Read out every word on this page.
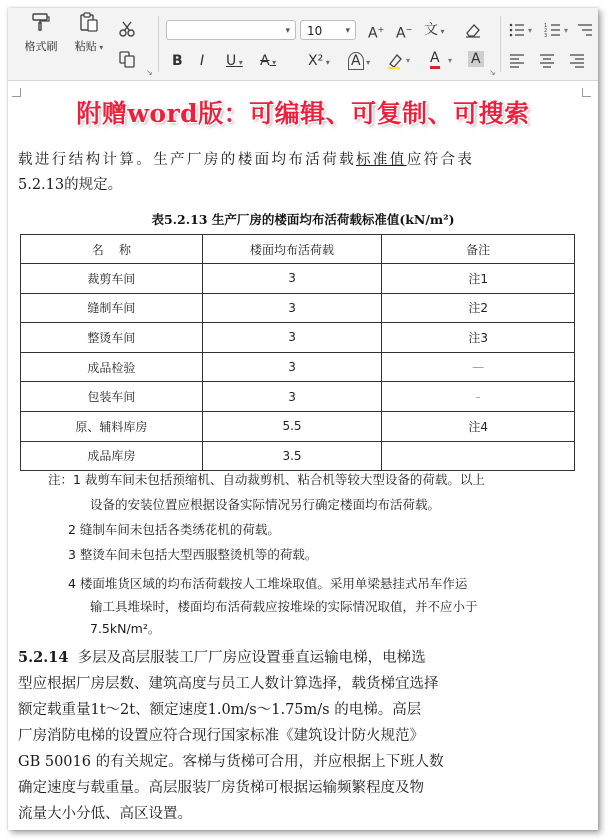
格式刷	粘贴 ▾
↘
▾	10	▾ A+ A− 文 ▾
B I U ▾ A ▾ X² ▾ A ▾	▾ A ▾ A
↘
▾ 1
2
3
▾
附赠word版：可编辑、可复制、可搜索
载进行结构计算。生产厂房的楼面均布活荷载标准值应符合表
5.2.13的规定。
表5.2.13 生产厂房的楼面均布活荷载标准值(kN/m²)
名    称	楼面均布活荷载	备注
裁剪车间	3	注1
缝制车间	3	注2
整烫车间	3	注3
成品检验	3	—
包装车间	3	-
原、辅料库房	5.5	注4
成品库房	3.5	
注：1 裁剪车间未包括预缩机、自动裁剪机、粘合机等较大型设备的荷载。以上
设备的安装位置应根据设备实际情况另行确定楼面均布活荷载。
2 缝制车间未包括各类绣花机的荷载。
3 整烫车间未包括大型西服整烫机等的荷载。
4 楼面堆货区域的均布活荷载按人工堆垛取值。采用单梁悬挂式吊车作运
输工具堆垛时，楼面均布活荷载应按堆垛的实际情况取值，并不应小于
7.5kN/m²。
5.2.14 多层及高层服装工厂厂房应设置垂直运输电梯，电梯选
型应根据厂房层数、建筑高度与员工人数计算选择，载货梯宜选择
额定载重量1t～2t、额定速度1.0m/s～1.75m/s 的电梯。高层
厂房消防电梯的设置应符合现行国家标准《建筑设计防火规范》
GB 50016 的有关规定。客梯与货梯可合用，并应根据上下班人数
确定速度与载重量。高层服装厂房货梯可根据运输频繁程度及物
流量大小分低、高区设置。
